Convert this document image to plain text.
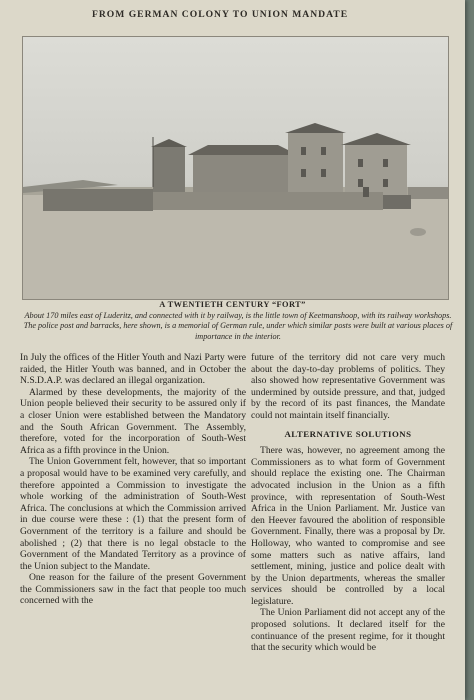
FROM GERMAN COLONY TO UNION MANDATE
A TWENTIETH CENTURY “FORT”
About 170 miles east of Luderitz, and connected with it by railway, is the little town of Keetmanshoop, with its railway workshops. The police post and barracks, here shown, is a memorial of German rule, under which similar posts were built at various places of importance in the interior.

In July the offices of the Hitler Youth and Nazi Party were raided, the Hitler Youth was banned, and in October the N.S.D.A.P. was declared an illegal organization.

Alarmed by these developments, the majority of the Union people believed their security to be assured only if a closer Union were established between the Mandatory and the South African Government. The Assembly, therefore, voted for the incorporation of South-West Africa as a fifth province in the Union.

The Union Government felt, however, that so important a proposal would have to be examined very carefully, and therefore appointed a Commission to investigate the whole working of the administration of South-West Africa. The conclusions at which the Commission arrived in due course were these : (1) that the present form of Government of the territory is a failure and should be abolished ; (2) that there is no legal obstacle to the Government of the Mandated Territory as a province of the Union subject to the Mandate.

One reason for the failure of the present Government the Commissioners saw in the fact that people too much concerned with the

future of the territory did not care very much about the day-to-day problems of politics. They also showed how representative Government was undermined by outside pressure, and that, judged by the record of its past finances, the Mandate could not maintain itself financially.

ALTERNATIVE SOLUTIONS

There was, however, no agreement among the Commissioners as to what form of Government should replace the existing one. The Chairman advocated inclusion in the Union as a fifth province, with representation of South-West Africa in the Union Parliament. Mr. Justice van den Heever favoured the abolition of responsible Government. Finally, there was a proposal by Dr. Holloway, who wanted to compromise and see some matters such as native affairs, land settlement, mining, justice and police dealt with by the Union departments, whereas the smaller services should be controlled by a local legislature.

The Union Parliament did not accept any of the proposed solutions. It declared itself for the continuance of the present regime, for it thought that the security which would be
